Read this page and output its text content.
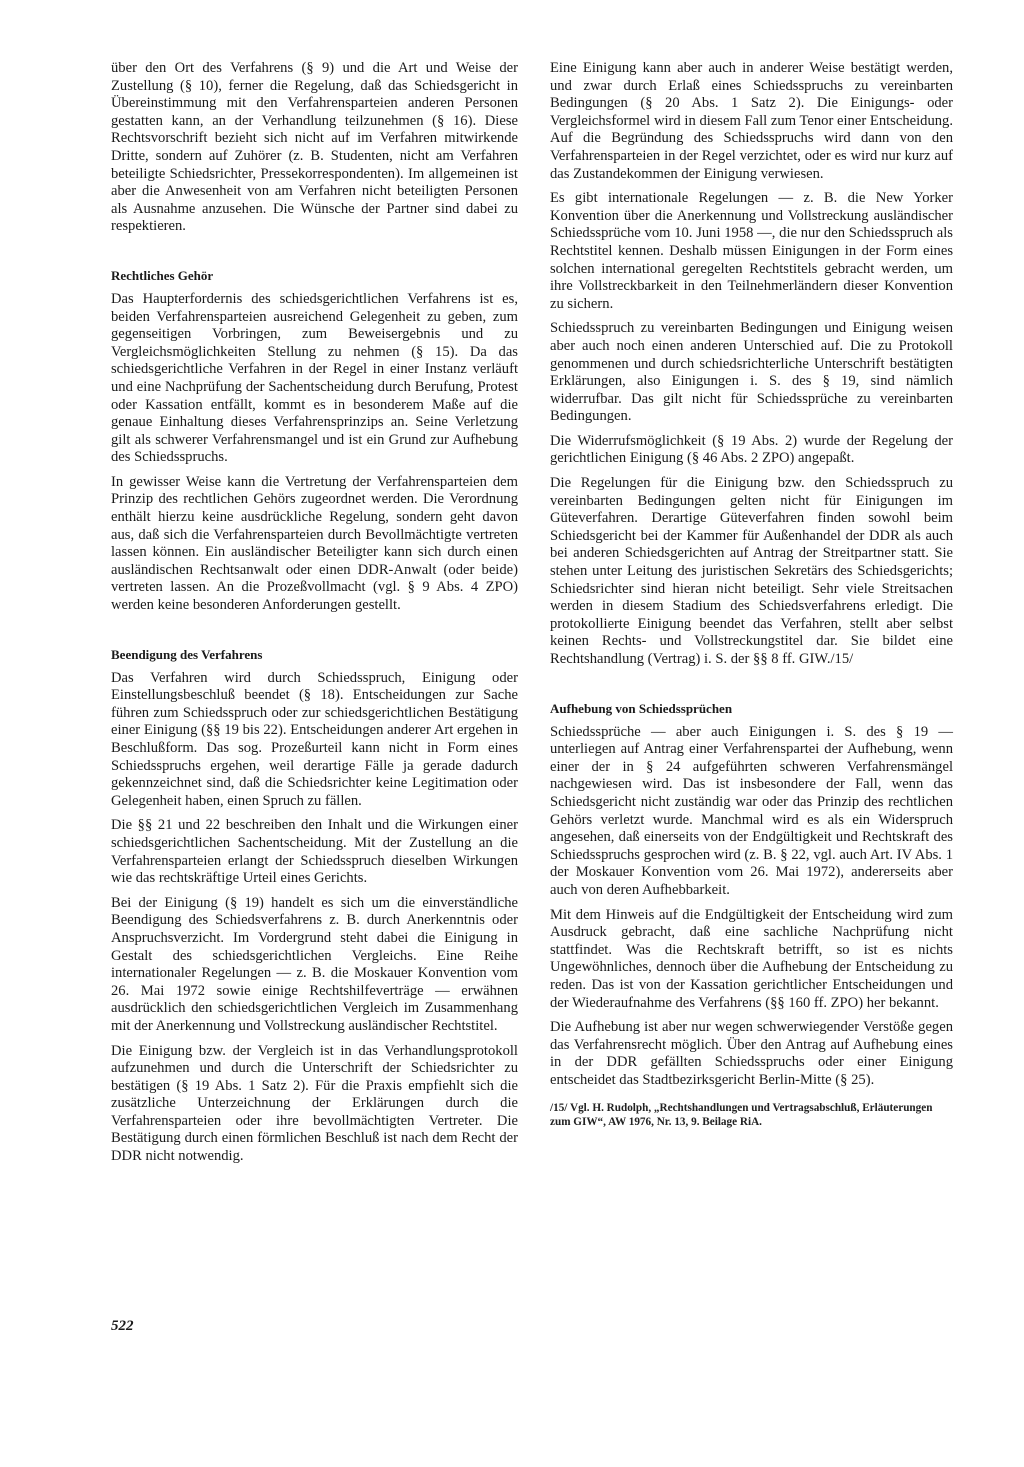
über den Ort des Verfahrens (§ 9) und die Art und Weise der Zustellung (§ 10), ferner die Regelung, daß das Schiedsgericht in Übereinstimmung mit den Verfahrensparteien anderen Personen gestatten kann, an der Verhandlung teilzunehmen (§ 16). Diese Rechtsvorschrift bezieht sich nicht auf im Verfahren mitwirkende Dritte, sondern auf Zuhörer (z. B. Studenten, nicht am Verfahren beteiligte Schiedsrichter, Pressekorrespondenten). Im allgemeinen ist aber die Anwesenheit von am Verfahren nicht beteiligten Personen als Ausnahme anzusehen. Die Wünsche der Partner sind dabei zu respektieren.

Rechtliches Gehör

Das Haupterfordernis des schiedsgerichtlichen Verfahrens ist es, beiden Verfahrensparteien ausreichend Gelegenheit zu geben, zum gegenseitigen Vorbringen, zum Beweisergebnis und zu Vergleichsmöglichkeiten Stellung zu nehmen (§ 15). Da das schiedsgerichtliche Verfahren in der Regel in einer Instanz verläuft und eine Nachprüfung der Sachentscheidung durch Berufung, Protest oder Kassation entfällt, kommt es in besonderem Maße auf die genaue Einhaltung dieses Verfahrensprinzips an. Seine Verletzung gilt als schwerer Verfahrensmangel und ist ein Grund zur Aufhebung des Schiedsspruchs.

In gewisser Weise kann die Vertretung der Verfahrensparteien dem Prinzip des rechtlichen Gehörs zugeordnet werden. Die Verordnung enthält hierzu keine ausdrückliche Regelung, sondern geht davon aus, daß sich die Verfahrensparteien durch Bevollmächtigte vertreten lassen können. Ein ausländischer Beteiligter kann sich durch einen ausländischen Rechtsanwalt oder einen DDR-Anwalt (oder beide) vertreten lassen. An die Prozeßvollmacht (vgl. § 9 Abs. 4 ZPO) werden keine besonderen Anforderungen gestellt.

Beendigung des Verfahrens

Das Verfahren wird durch Schiedsspruch, Einigung oder Einstellungsbeschluß beendet (§ 18). Entscheidungen zur Sache führen zum Schiedsspruch oder zur schiedsgerichtlichen Bestätigung einer Einigung (§§ 19 bis 22). Entscheidungen anderer Art ergehen in Beschlußform. Das sog. Prozeßurteil kann nicht in Form eines Schiedsspruchs ergehen, weil derartige Fälle ja gerade dadurch gekennzeichnet sind, daß die Schiedsrichter keine Legitimation oder Gelegenheit haben, einen Spruch zu fällen.

Die §§ 21 und 22 beschreiben den Inhalt und die Wirkungen einer schiedsgerichtlichen Sachentscheidung. Mit der Zustellung an die Verfahrensparteien erlangt der Schiedsspruch dieselben Wirkungen wie das rechtskräftige Urteil eines Gerichts.

Bei der Einigung (§ 19) handelt es sich um die einverständliche Beendigung des Schiedsverfahrens z. B. durch Anerkenntnis oder Anspruchsverzicht. Im Vordergrund steht dabei die Einigung in Gestalt des schiedsgerichtlichen Vergleichs. Eine Reihe internationaler Regelungen — z. B. die Moskauer Konvention vom 26. Mai 1972 sowie einige Rechtshilfeverträge — erwähnen ausdrücklich den schiedsgerichtlichen Vergleich im Zusammenhang mit der Anerkennung und Vollstreckung ausländischer Rechtstitel.

Die Einigung bzw. der Vergleich ist in das Verhandlungsprotokoll aufzunehmen und durch die Unterschrift der Schiedsrichter zu bestätigen (§ 19 Abs. 1 Satz 2). Für die Praxis empfiehlt sich die zusätzliche Unterzeichnung der Erklärungen durch die Verfahrensparteien oder ihre bevollmächtigten Vertreter. Die Bestätigung durch einen förmlichen Beschluß ist nach dem Recht der DDR nicht notwendig.

Eine Einigung kann aber auch in anderer Weise bestätigt werden, und zwar durch Erlaß eines Schiedsspruchs zu vereinbarten Bedingungen (§ 20 Abs. 1 Satz 2). Die Einigungs- oder Vergleichsformel wird in diesem Fall zum Tenor einer Entscheidung. Auf die Begründung des Schiedsspruchs wird dann von den Verfahrensparteien in der Regel verzichtet, oder es wird nur kurz auf das Zustandekommen der Einigung verwiesen.

Es gibt internationale Regelungen — z. B. die New Yorker Konvention über die Anerkennung und Vollstreckung ausländischer Schiedssprüche vom 10. Juni 1958 —, die nur den Schiedsspruch als Rechtstitel kennen. Deshalb müssen Einigungen in der Form eines solchen international geregelten Rechtstitels gebracht werden, um ihre Vollstreckbarkeit in den Teilnehmerländern dieser Konvention zu sichern.

Schiedsspruch zu vereinbarten Bedingungen und Einigung weisen aber auch noch einen anderen Unterschied auf. Die zu Protokoll genommenen und durch schiedsrichterliche Unterschrift bestätigten Erklärungen, also Einigungen i. S. des § 19, sind nämlich widerrufbar. Das gilt nicht für Schiedssprüche zu vereinbarten Bedingungen.

Die Widerrufsmöglichkeit (§ 19 Abs. 2) wurde der Regelung der gerichtlichen Einigung (§ 46 Abs. 2 ZPO) angepaßt.

Die Regelungen für die Einigung bzw. den Schiedsspruch zu vereinbarten Bedingungen gelten nicht für Einigungen im Güteverfahren. Derartige Güteverfahren finden sowohl beim Schiedsgericht bei der Kammer für Außenhandel der DDR als auch bei anderen Schiedsgerichten auf Antrag der Streitpartner statt. Sie stehen unter Leitung des juristischen Sekretärs des Schiedsgerichts; Schiedsrichter sind hieran nicht beteiligt. Sehr viele Streitsachen werden in diesem Stadium des Schiedsverfahrens erledigt. Die protokollierte Einigung beendet das Verfahren, stellt aber selbst keinen Rechts- und Vollstreckungstitel dar. Sie bildet eine Rechtshandlung (Vertrag) i. S. der §§ 8 ff. GIW./15/

Aufhebung von Schiedssprüchen

Schiedssprüche — aber auch Einigungen i. S. des § 19 — unterliegen auf Antrag einer Verfahrenspartei der Aufhebung, wenn einer der in § 24 aufgeführten schweren Verfahrensmängel nachgewiesen wird. Das ist insbesondere der Fall, wenn das Schiedsgericht nicht zuständig war oder das Prinzip des rechtlichen Gehörs verletzt wurde. Manchmal wird es als ein Widerspruch angesehen, daß einerseits von der Endgültigkeit und Rechtskraft des Schiedsspruchs gesprochen wird (z. B. § 22, vgl. auch Art. IV Abs. 1 der Moskauer Konvention vom 26. Mai 1972), andererseits aber auch von deren Aufhebbarkeit.

Mit dem Hinweis auf die Endgültigkeit der Entscheidung wird zum Ausdruck gebracht, daß eine sachliche Nachprüfung nicht stattfindet. Was die Rechtskraft betrifft, so ist es nichts Ungewöhnliches, dennoch über die Aufhebung der Entscheidung zu reden. Das ist von der Kassation gerichtlicher Entscheidungen und der Wiederaufnahme des Verfahrens (§§ 160 ff. ZPO) her bekannt.

Die Aufhebung ist aber nur wegen schwerwiegender Verstöße gegen das Verfahrensrecht möglich. Über den Antrag auf Aufhebung eines in der DDR gefällten Schiedsspruchs oder einer Einigung entscheidet das Stadtbezirksgericht Berlin-Mitte (§ 25).

/15/ Vgl. H. Rudolph, „Rechtshandlungen und Vertragsabschluß, Erläuterungen zum GIW“, AW 1976, Nr. 13, 9. Beilage RiA.

522
